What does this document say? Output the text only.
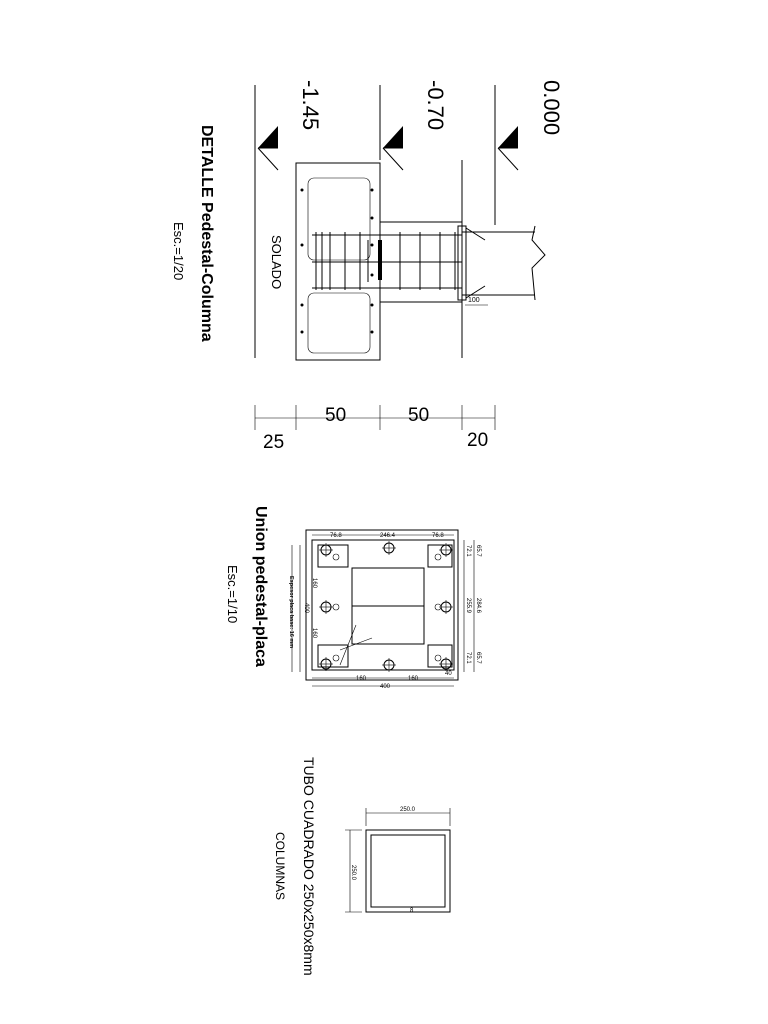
0.000
-0.70
-1.45
SOLADO
100
25
50	50
20
DETALLE Pedestal-Columna
Esc.=1/20
76.8	246.4	76.8
65.7
72.1
255.9 284.6
72.1 65.7
Espesor placa base: 16 mm	160
160
400
160	160
400
40
Union pedestal-placa
Esc.=1/10
250.0
250.0
8
TUBO CUADRADO 250x250x8mm
COLUMNAS
